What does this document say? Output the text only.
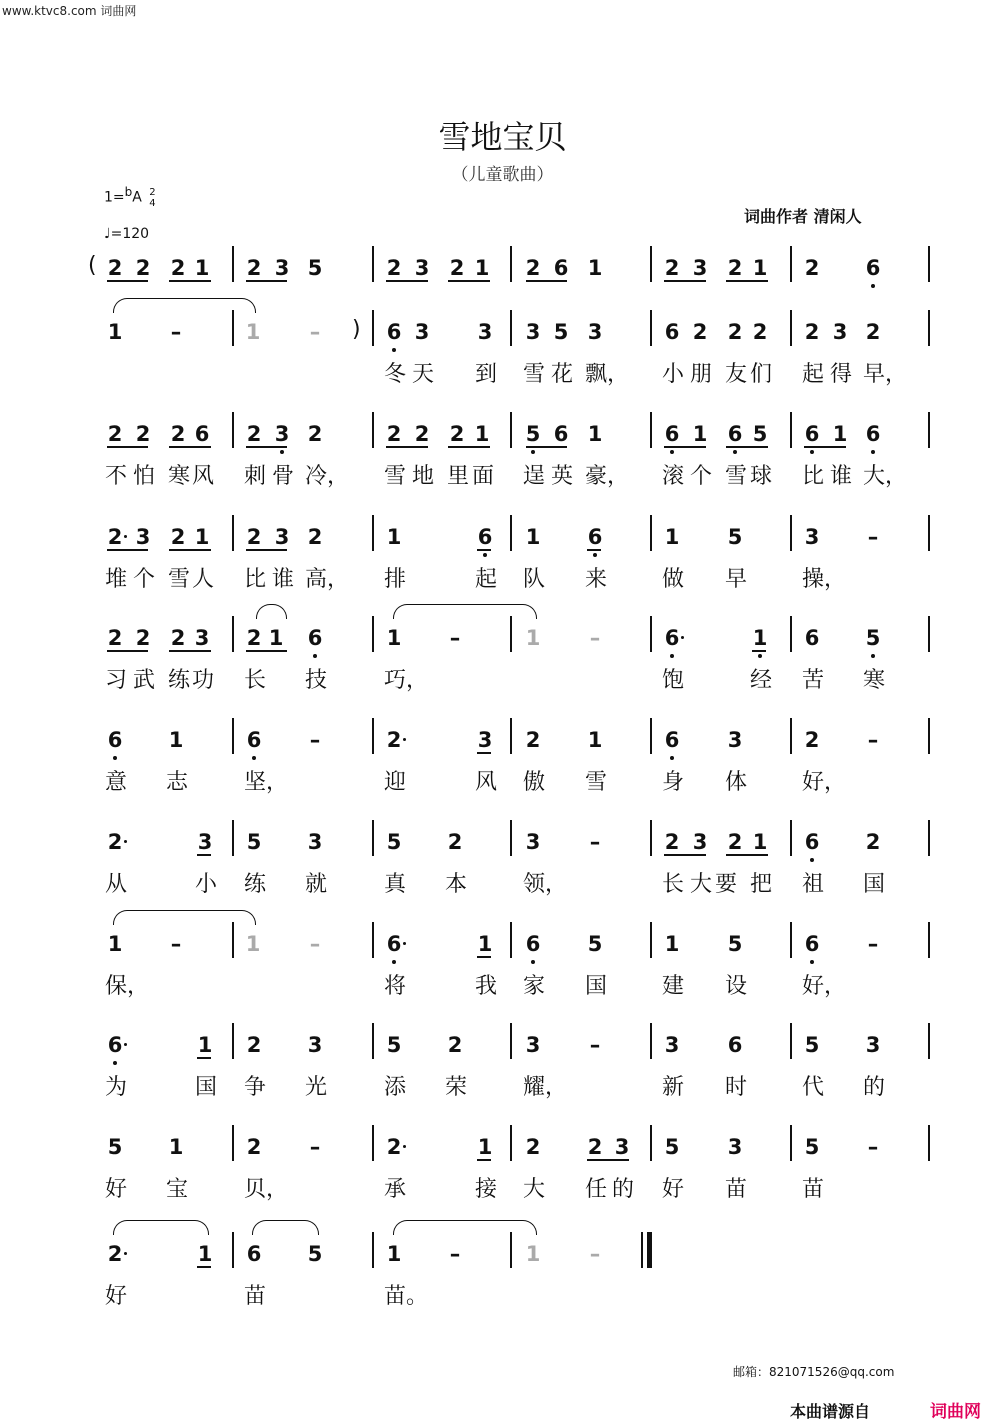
www.ktvc8.com 词曲网
雪地宝贝
（儿童歌曲）
1=$^b$A 2
4
♩=120
词曲作者 清闲人
( 2 2 2 1 2 3 5	2 3 2 1 2 6 1	2 3 2 1 2 6
)
1 –	1 –	6 3 3 3 5 3	6 2 2 2 2 3 2
冬 天	到	雪 花 飘， 小 朋 友 们	起 得 早，
2 2 2 6 2 3 2	2 2 2 1 5 6 1	6 1 6 5 6 1 6
不 怕 寒 风	刺 骨 冷， 雪 地 里 面	逞 英 豪， 滚 个 雪 球	比 谁 大，
2 3 2 1 2 3 2	1	6 1 6	1 5	3 –
堆 个 雪 人	比 谁 高， 排	起	队	来	做	早	操，
2 2 2 3 2 1 6	1 –	1 –	6	1 6 5
习 武 练 功	长	技	巧，	饱	经	苦	寒
6 1	6 –	2	3 2 1	6 3	2 –
意	志	坚，	迎	风	傲	雪	身	体	好，
2	3 5 3	5 2	3 –	2 3 2 1 6 2
从	小	练	就	真	本	领，	长 大 要 把	祖	国
1 –	1 –	6	1 6 5	1 5	6 –
保，	将	我	家	国	建	设	好，
6	1 2 3	5 2	3 –	3 6	5 3
为	国	争	光	添	荣	耀，	新	时	代	的
5 1	2 –	2	1 2 2 3 5 3	5 –
好	宝	贝，	承	接	大	任 的	好	苗	苗
2	1 6 5	1 –	1 –
好	苗	苗。
邮箱：821071526@qq.com
本曲谱源自	词曲网
